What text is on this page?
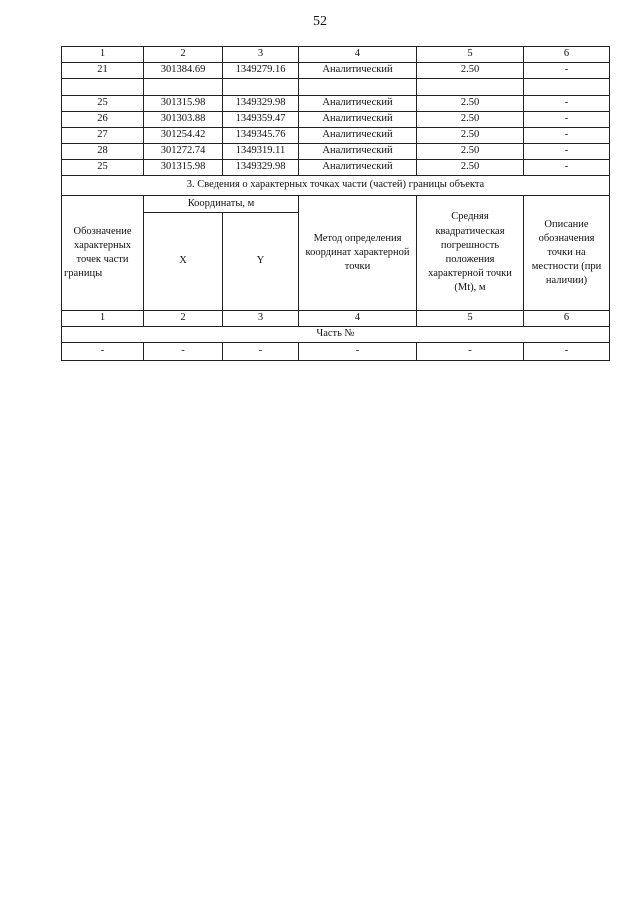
52
1	2	3	4	5	6
21	301384.69	1349279.16	Аналитический	2.50	-

25	301315.98	1349329.98	Аналитический	2.50	-
26	301303.88	1349359.47	Аналитический	2.50	-
27	301254.42	1349345.76	Аналитический	2.50	-
28	301272.74	1349319.11	Аналитический	2.50	-
25	301315.98	1349329.98	Аналитический	2.50	-
3. Сведения о характерных точках части (частей) границы объекта					
Обозначение характерных точек части границы	Координаты, м		Метод определения координат характерной точки	Средняя квадратическая погрешность положения характерной точки (Mt), м	Описание обозначения точки на местности (при наличии)
	X	Y			
1	2	3	4	5	6
Часть №					
-	-	-	-	-	-
